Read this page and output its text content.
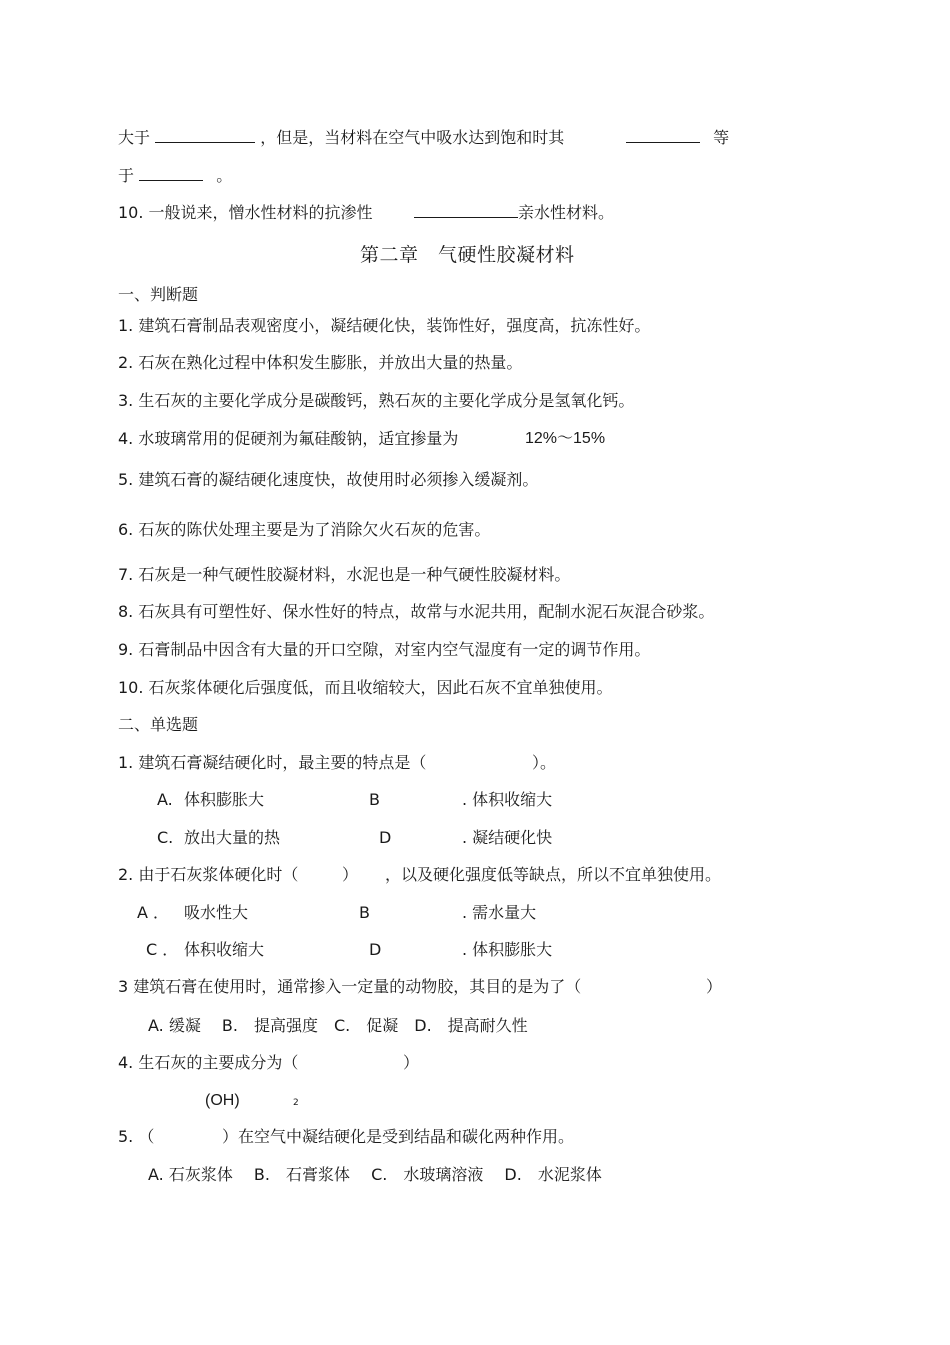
大于	，但是，当材料在空气中吸水达到饱和时其	等
于	。
10. 一般说来，憎水性材料的抗渗性	亲水性材料。
第二章　气硬性胶凝材料
一、判断题
1. 建筑石膏制品表观密度小，凝结硬化快，装饰性好，强度高，抗冻性好。
2. 石灰在熟化过程中体积发生膨胀，并放出大量的热量。
3. 生石灰的主要化学成分是碳酸钙，熟石灰的主要化学成分是氢氧化钙。
4. 水玻璃常用的促硬剂为氟硅酸钠，适宜掺量为	12%～15%
5. 建筑石膏的凝结硬化速度快，故使用时必须掺入缓凝剂。
6. 石灰的陈伏处理主要是为了消除欠火石灰的危害。
7. 石灰是一种气硬性胶凝材料，水泥也是一种气硬性胶凝材料。
8. 石灰具有可塑性好、保水性好的特点，故常与水泥共用，配制水泥石灰混合砂浆。
9. 石膏制品中因含有大量的开口空隙，对室内空气湿度有一定的调节作用。
10. 石灰浆体硬化后强度低，而且收缩较大，因此石灰不宜单独使用。
二、单选题
1. 建筑石膏凝结硬化时，最主要的特点是（	）。
A. 体积膨胀大	B	. 体积收缩大
C. 放出大量的热	D	. 凝结硬化快
2. 由于石灰浆体硬化时（	） ，以及硬化强度低等缺点，所以不宜单独使用。
A ． 吸水性大	B	. 需水量大
C ． 体积收缩大	D	. 体积膨胀大
3 建筑石膏在使用时，通常掺入一定量的动物胶，其目的是为了（	）
A. 缓凝　 B.　提高强度　C.　促凝　D.　提高耐久性
4. 生石灰的主要成分为（	）
(OH)	2
5. （	）在空气中凝结硬化是受到结晶和碳化两种作用。
A. 石灰浆体　 B.　石膏浆体　 C.　水玻璃溶液　 D.　水泥浆体
